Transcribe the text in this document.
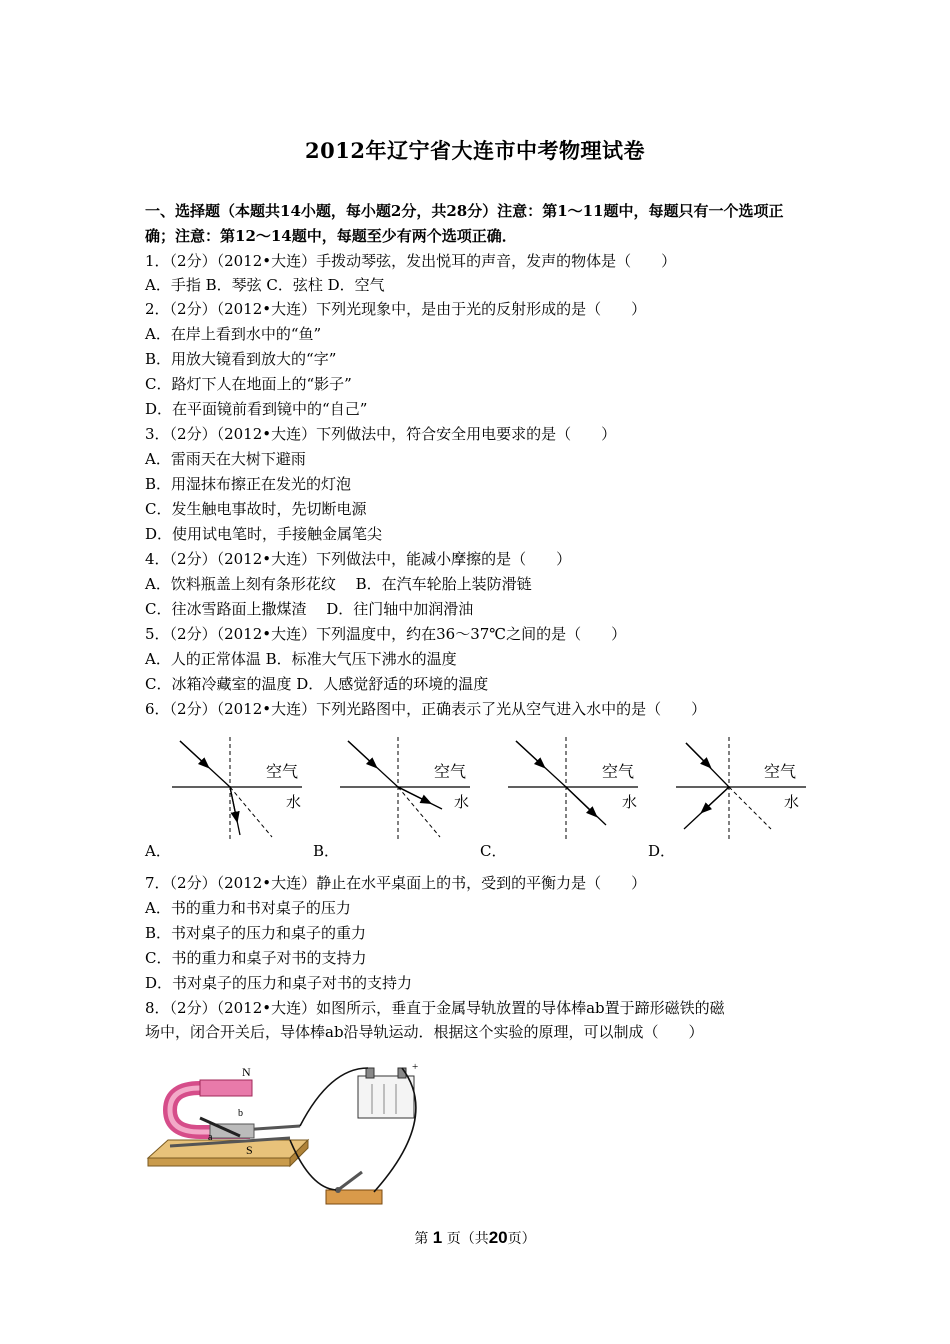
2012年辽宁省大连市中考物理试卷
一、选择题（本题共14小题，每小题2分，共28分）注意：第1～11题中，每题只有一个选项正确；注意：第12～14题中，每题至少有两个选项正确．
1．（2分）（2012•大连）手拨动琴弦，发出悦耳的声音，发声的物体是（　　）
A．手指 B．琴弦 C．弦柱 D．空气
2．（2分）（2012•大连）下列光现象中，是由于光的反射形成的是（　　）
A．在岸上看到水中的“鱼”
B．用放大镜看到放大的“字”
C．路灯下人在地面上的“影子”
D．在平面镜前看到镜中的“自己”
3．（2分）（2012•大连）下列做法中，符合安全用电要求的是（　　）
A．雷雨天在大树下避雨
B．用湿抹布擦正在发光的灯泡
C．发生触电事故时，先切断电源
D．使用试电笔时，手接触金属笔尖
4．（2分）（2012•大连）下列做法中，能减小摩擦的是（　　）
A．饮料瓶盖上刻有条形花纹　 B．在汽车轮胎上装防滑链
C．往冰雪路面上撒煤渣　 D．往门轴中加润滑油
5．（2分）（2012•大连）下列温度中，约在36～37℃之间的是（　　）
A．人的正常体温 B．标准大气压下沸水的温度
C．冰箱冷藏室的温度 D．人感觉舒适的环境的温度
6．（2分）（2012•大连）下列光路图中，正确表示了光从空气进入水中的是（　　）
空气
水
空气
水
空气
水
空气
水
A．	B．	C．	D．
7．（2分）（2012•大连）静止在水平桌面上的书，受到的平衡力是（　　）
A．书的重力和书对桌子的压力
B．书对桌子的压力和桌子的重力
C．书的重力和桌子对书的支持力
D．书对桌子的压力和桌子对书的支持力
8．（2分）（2012•大连）如图所示，垂直于金属导轨放置的导体棒ab置于蹄形磁铁的磁
场中，闭合开关后，导体棒ab沿导轨运动．根据这个实验的原理，可以制成（　　）
N
S
a
b
+
第 1 页（共20页）
